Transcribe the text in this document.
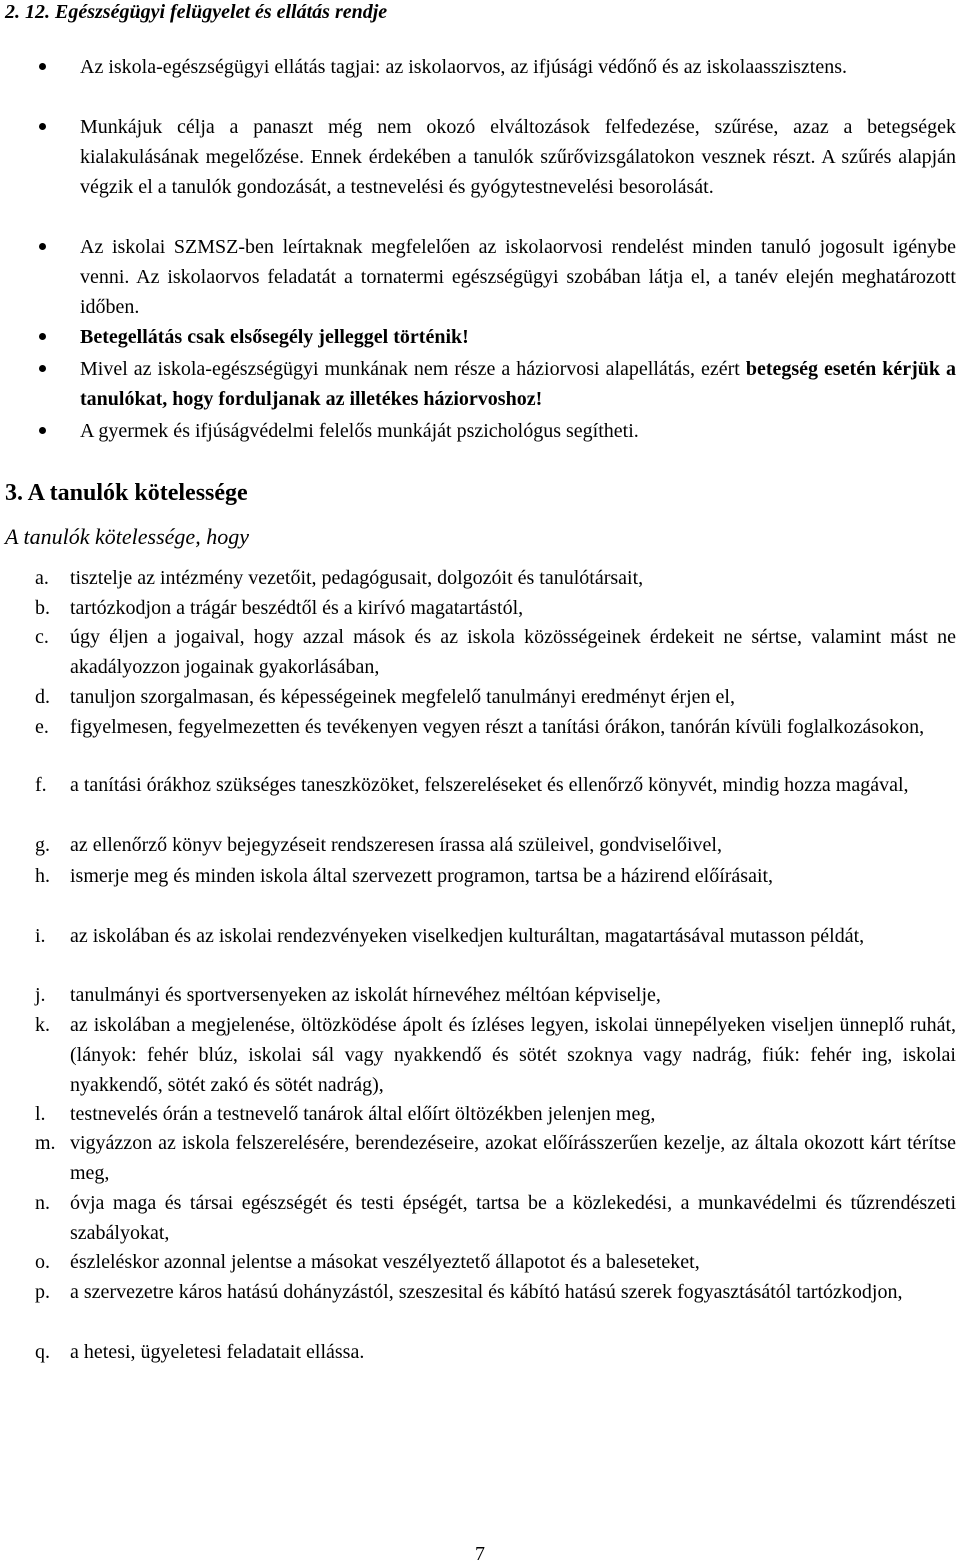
2. 12. Egészségügyi felügyelet és ellátás rendje
Az iskola-egészségügyi ellátás tagjai: az iskolaorvos, az ifjúsági védőnő és az iskolaasszisztens.
Munkájuk célja a panaszt még nem okozó elváltozások felfedezése, szűrése, azaz a betegségek kialakulásának megelőzése. Ennek érdekében a tanulók szűrővizsgálatokon vesznek részt. A szűrés alapján végzik el a tanulók gondozását, a testnevelési és gyógytestnevelési besorolását.
Az iskolai SZMSZ-ben leírtaknak megfelelően az iskolaorvosi rendelést minden tanuló jogosult igénybe venni. Az iskolaorvos feladatát a tornatermi egészségügyi szobában látja el, a tanév elején meghatározott időben.
Betegellátás csak elsősegély jelleggel történik!
Mivel az iskola-egészségügyi munkának nem része a háziorvosi alapellátás, ezért betegség esetén kérjük a tanulókat, hogy forduljanak az illetékes háziorvoshoz!
A gyermek és ifjúságvédelmi felelős munkáját pszichológus segítheti.
3. A tanulók kötelessége
A tanulók kötelessége, hogy
a. tisztelje az intézmény vezetőit, pedagógusait, dolgozóit és tanulótársait,
b. tartózkodjon a trágár beszédtől és a kirívó magatartástól,
c. úgy éljen a jogaival, hogy azzal mások és az iskola közösségeinek érdekeit ne sértse, valamint mást ne akadályozzon jogainak gyakorlásában,
d. tanuljon szorgalmasan, és képességeinek megfelelő tanulmányi eredményt érjen el,
e. figyelmesen, fegyelmezetten és tevékenyen vegyen részt a tanítási órákon, tanórán kívüli foglalkozásokon,
f. a tanítási órákhoz szükséges taneszközöket, felszereléseket és ellenőrző könyvét, mindig hozza magával,
g. az ellenőrző könyv bejegyzéseit rendszeresen írassa alá szüleivel, gondviselőivel,
h. ismerje meg és minden iskola által szervezett programon, tartsa be a házirend előírásait,
i. az iskolában és az iskolai rendezvényeken viselkedjen kulturáltan, magatartásával mutasson példát,
j. tanulmányi és sportversenyeken az iskolát hírnevéhez méltóan képviselje,
k. az iskolában a megjelenése, öltözködése ápolt és ízléses legyen, iskolai ünnepélyeken viseljen ünneplő ruhát, (lányok: fehér blúz, iskolai sál vagy nyakkendő és sötét szoknya vagy nadrág, fiúk: fehér ing, iskolai nyakkendő, sötét zakó és sötét nadrág),
l. testnevelés órán a testnevelő tanárok által előírt öltözékben jelenjen meg,
m. vigyázzon az iskola felszerelésére, berendezéseire, azokat előírásszerűen kezelje, az általa okozott kárt térítse meg,
n. óvja maga és társai egészségét és testi épségét, tartsa be a közlekedési, a munkavédelmi és tűzrendészeti szabályokat,
o. észleléskor azonnal jelentse a másokat veszélyeztető állapotot és a baleseteket,
p. a szervezetre káros hatású dohányzástól, szeszesital és kábító hatású szerek fogyasztásától tartózkodjon,
q. a hetesi, ügyeletesi feladatait ellássa.
7
